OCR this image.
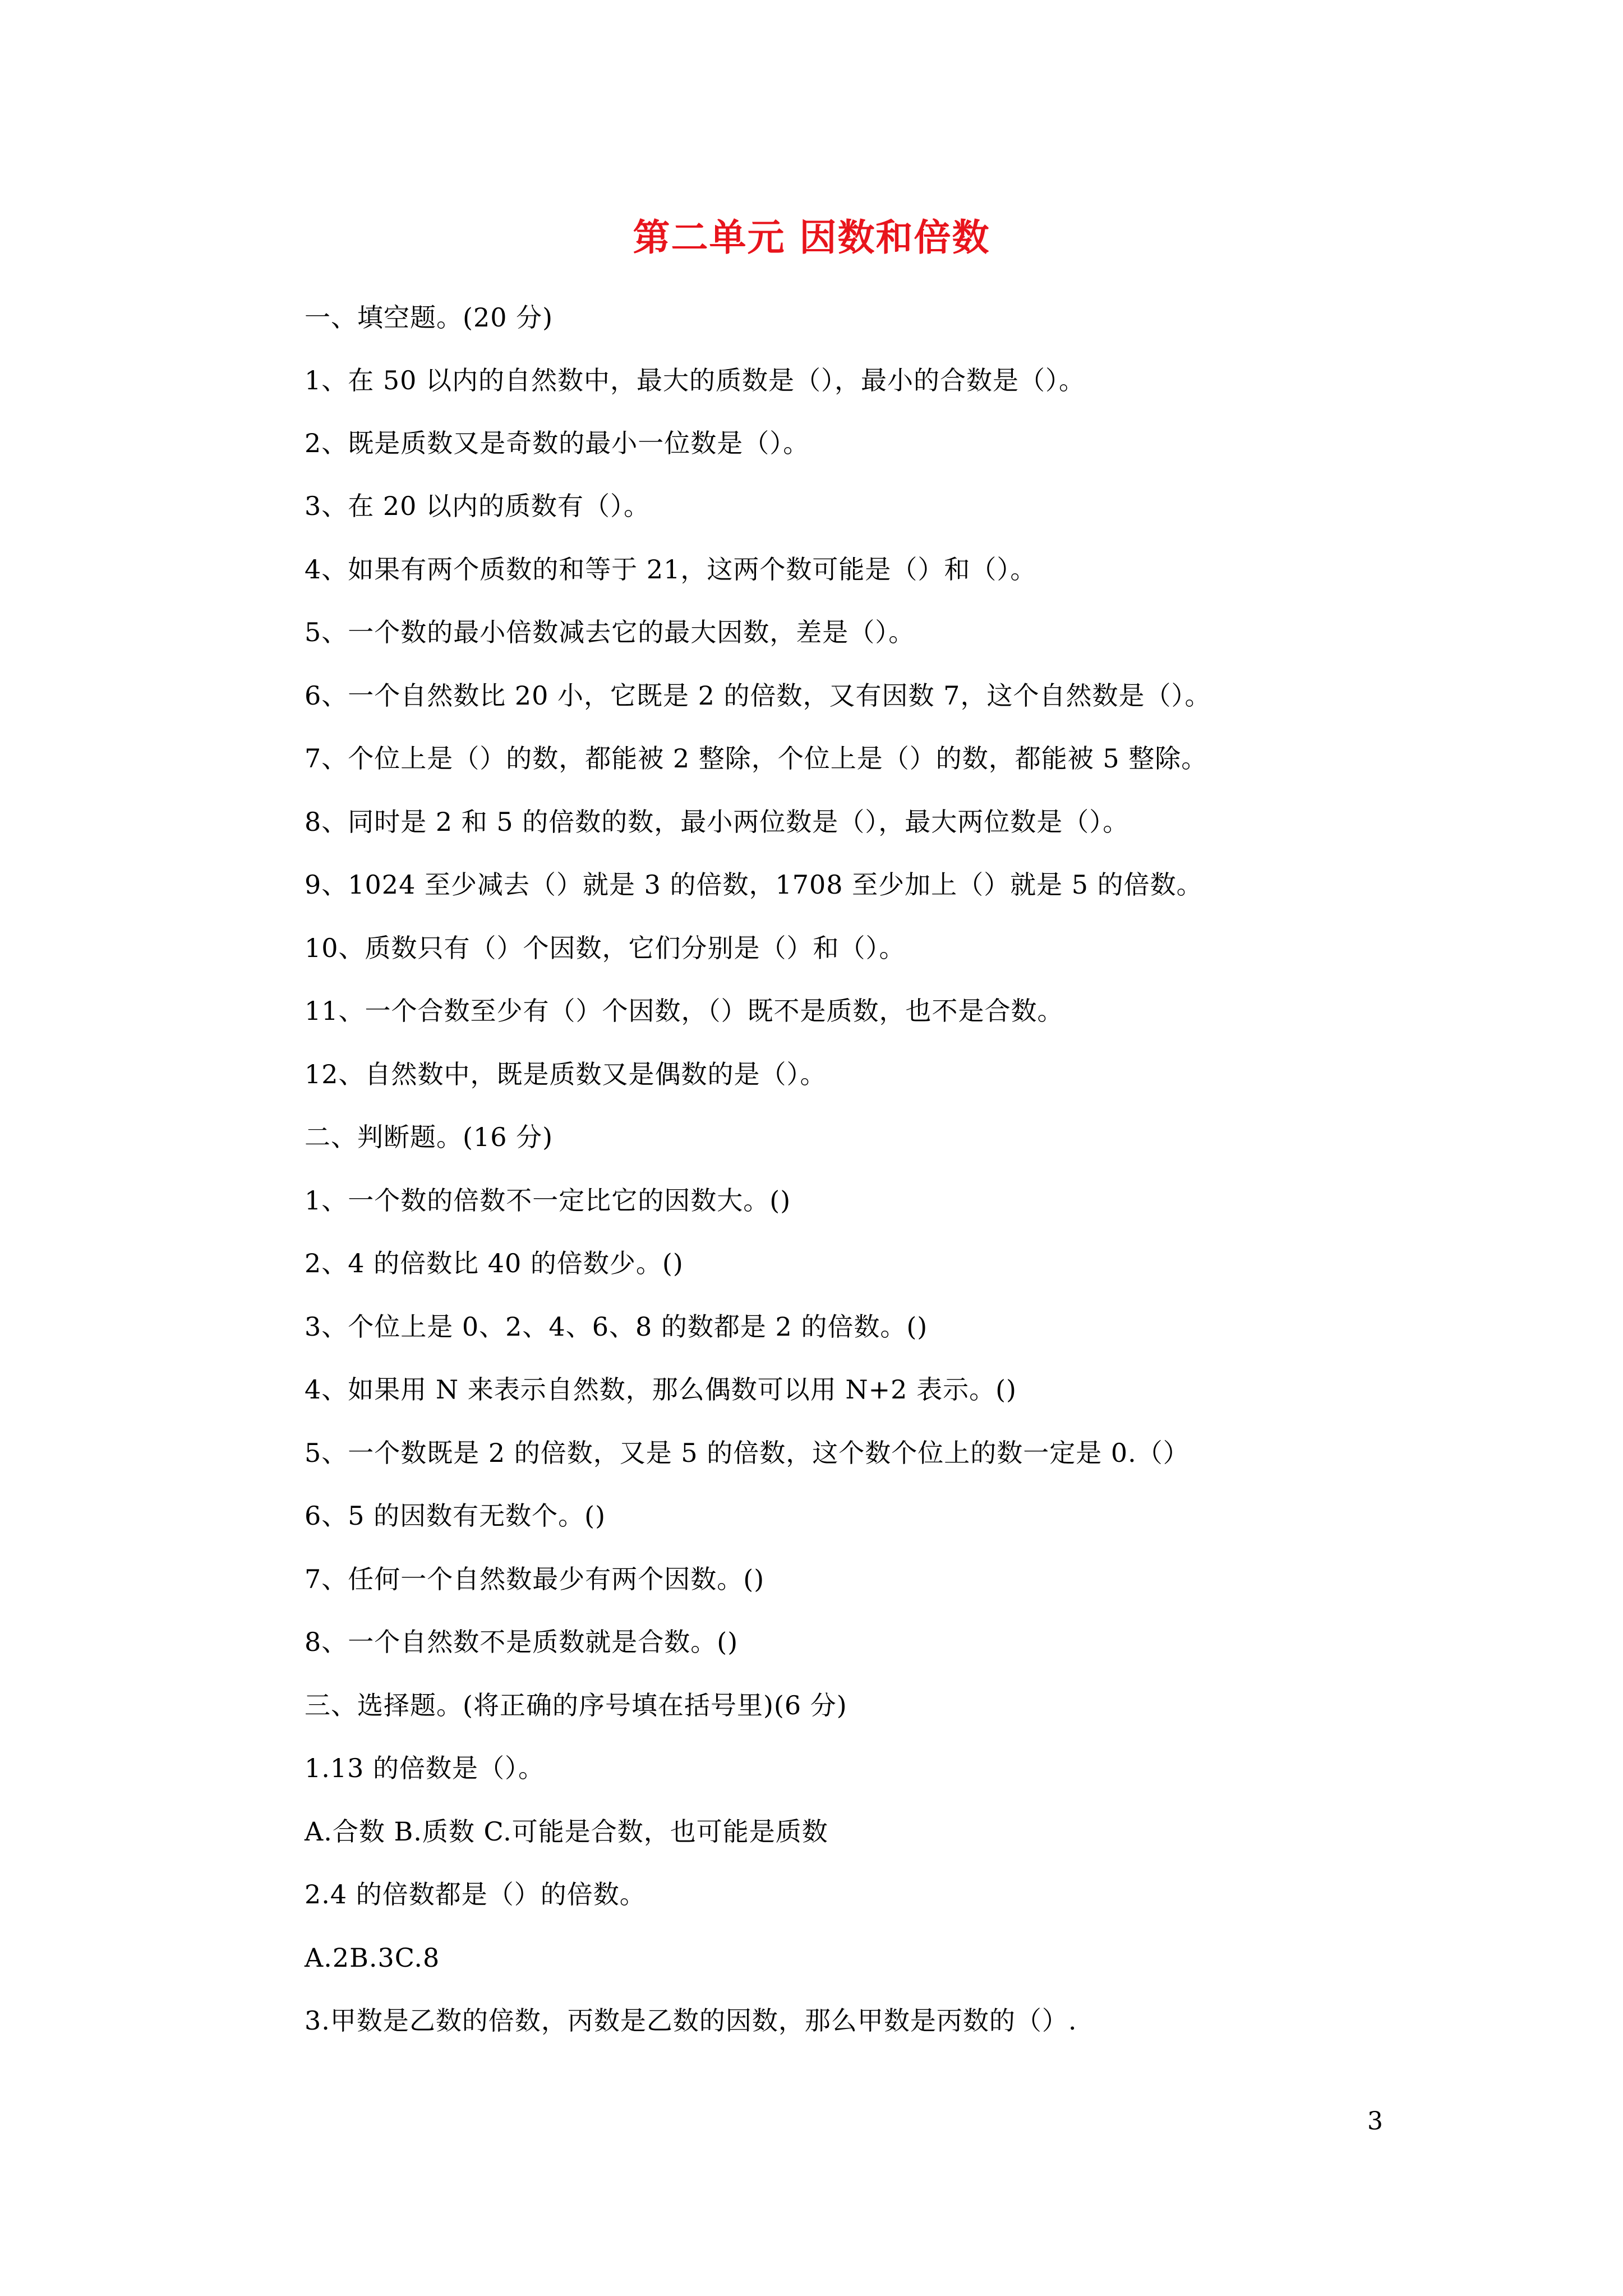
第二单元 因数和倍数
一、填空题。(20 分)
1、在 50 以内的自然数中，最大的质数是（），最小的合数是（）。
2、既是质数又是奇数的最小一位数是（）。
3、在 20 以内的质数有（）。
4、如果有两个质数的和等于 21，这两个数可能是（）和（）。
5、一个数的最小倍数减去它的最大因数，差是（）。
6、一个自然数比 20 小，它既是 2 的倍数，又有因数 7，这个自然数是（）。
7、个位上是（）的数，都能被 2 整除，个位上是（）的数，都能被 5 整除。
8、同时是 2 和 5 的倍数的数，最小两位数是（），最大两位数是（）。
9、1024 至少减去（）就是 3 的倍数，1708 至少加上（）就是 5 的倍数。
10、质数只有（）个因数，它们分别是（）和（）。
11、一个合数至少有（）个因数，（）既不是质数，也不是合数。
12、自然数中，既是质数又是偶数的是（）。
二、判断题。(16 分)
1、一个数的倍数不一定比它的因数大。()
2、4 的倍数比 40 的倍数少。()
3、个位上是 0、2、4、6、8 的数都是 2 的倍数。()
4、如果用 N 来表示自然数，那么偶数可以用 N+2 表示。()
5、一个数既是 2 的倍数，又是 5 的倍数，这个数个位上的数一定是 0.（）
6、5 的因数有无数个。()
7、任何一个自然数最少有两个因数。()
8、一个自然数不是质数就是合数。()
三、选择题。(将正确的序号填在括号里)(6 分)
1.13 的倍数是（）。
A.合数 B.质数 C.可能是合数，也可能是质数
2.4 的倍数都是（）的倍数。
A.2B.3C.8
3.甲数是乙数的倍数，丙数是乙数的因数，那么甲数是丙数的（）.
3
